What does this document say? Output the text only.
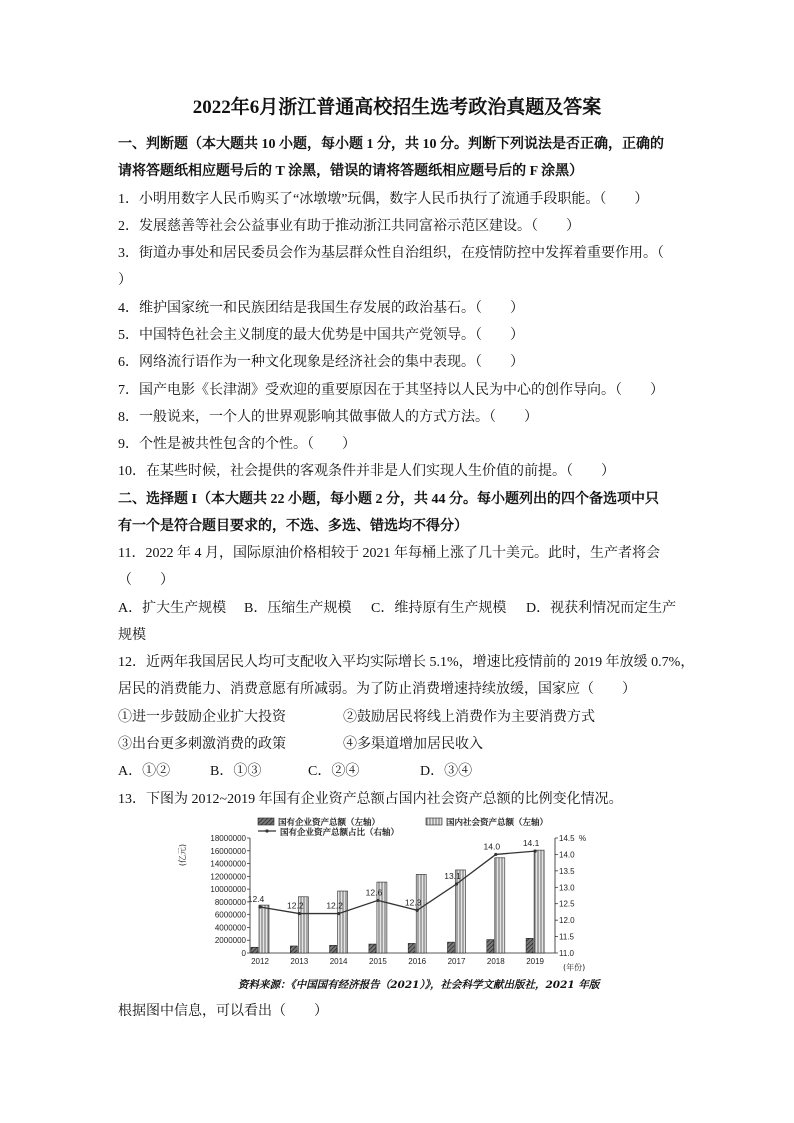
2022年6月浙江普通高校招生选考政治真题及答案
一、判断题（本大题共 10 小题，每小题 1 分，共 10 分。判断下列说法是否正确，正确的
请将答题纸相应题号后的 T 涂黑，错误的请将答题纸相应题号后的 F 涂黑）
1．小明用数字人民币购买了“冰墩墩”玩偶，数字人民币执行了流通手段职能。（　　）
2．发展慈善等社会公益事业有助于推动浙江共同富裕示范区建设。（　　）
3．街道办事处和居民委员会作为基层群众性自治组织，在疫情防控中发挥着重要作用。（
）
4．维护国家统一和民族团结是我国生存发展的政治基石。（　　）
5．中国特色社会主义制度的最大优势是中国共产党领导。（　　）
6．网络流行语作为一种文化现象是经济社会的集中表现。（　　）
7．国产电影《长津湖》受欢迎的重要原因在于其坚持以人民为中心的创作导向。（　　）
8．一般说来，一个人的世界观影响其做事做人的方式方法。（　　）
9．个性是被共性包含的个性。（　　）
10．在某些时候，社会提供的客观条件并非是人们实现人生价值的前提。（　　）
二、选择题 I（本大题共 22 小题，每小题 2 分，共 44 分。每小题列出的四个备选项中只
有一个是符合题目要求的，不选、多选、错选均不得分）
11．2022 年 4 月，国际原油价格相较于 2021 年每桶上涨了几十美元。此时，生产者将会
（　　）
A．扩大生产规模 B．压缩生产规模 C．维持原有生产规模 D．视获利情况而定生产
规模
12．近两年我国居民人均可支配收入平均实际增长 5.1%，增速比疫情前的 2019 年放缓 0.7%，
居民的消费能力、消费意愿有所减弱。为了防止消费增速持续放缓，国家应（　　）
①进一步鼓励企业扩大投资	②鼓励居民将线上消费作为主要消费方式
③出台更多刺激消费的政策	④多渠道增加居民收入
A．①②	B．①③	C．②④	D．③④
13．下图为 2012~2019 年国有企业资产总额占国内社会资产总额的比例变化情况。
国有企业资产总额（左轴）	国内社会资产总额（左轴）
国有企业资产总额占比（右轴）
(亿元)
0
2000000
4000000
6000000
8000000
10000000
12000000
14000000
16000000
18000000
11.0
11.5
12.0
12.5
13.0
13.5
14.0
14.5
2012	2013	2014	2015	2016	2017	2018	2019
12.4
12.2	12.2
12.6
12.3
13.1
14.0	14.1
(年份)
%
资料来源：《中国国有经济报告（2021）》，社会科学文献出版社，2021 年版
根据图中信息，可以看出（　　）
